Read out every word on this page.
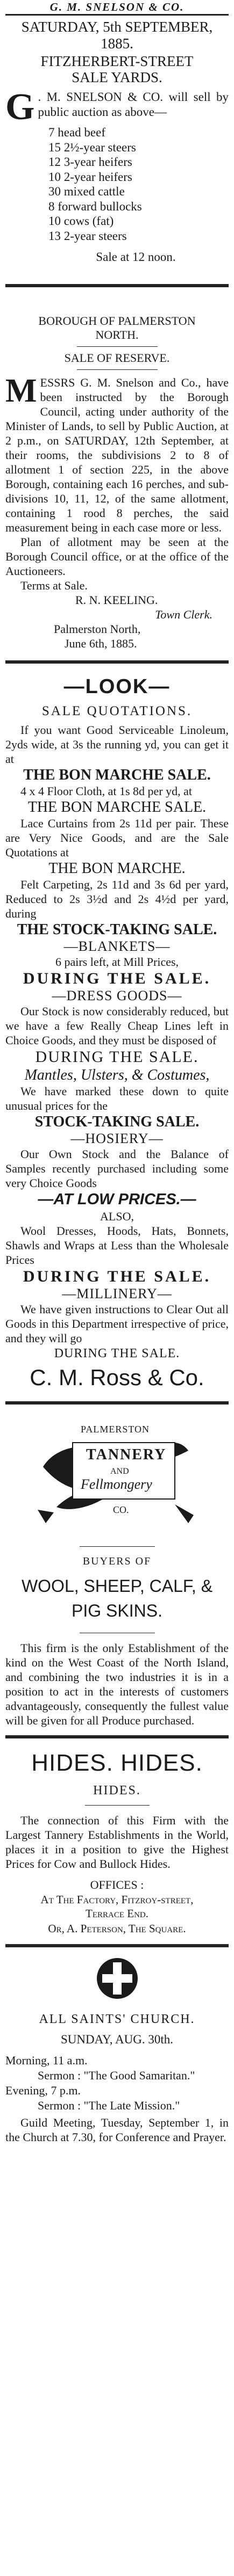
G. M. SNELSON & CO.
SATURDAY, 5th SEPTEMBER, 1885.
FITZHERBERT-STREET SALE YARDS.
G . M. SNELSON & CO. will sell by public auction as above—
7 head beef
15 2½-year steers
12 3-year heifers
10 2-year heifers
30 mixed cattle
8 forward bullocks
10 cows (fat)
13 2-year steers
Sale at 12 noon.
BOROUGH OF PALMERSTON NORTH.
SALE OF RESERVE.
M ESSRS G. M. Snelson and Co., have been instructed by the Borough Council, acting under authority of the Minister of Lands, to sell by Public Auction, at 2 p.m., on SATURDAY, 12th September, at their rooms, the subdivisions 2 to 8 of allotment 1 of section 225, in the above Borough, containing each 16 perches, and sub-divisions 10, 11, 12, of the same allotment, containing 1 rood 8 perches, the said measurement being in each case more or less.
Plan of allotment may be seen at the Borough Council office, or at the office of the Auctioneers.
Terms at Sale.
R. N. KEELING.
Town Clerk.
Palmerston North,
June 6th, 1885.
—LOOK—
SALE QUOTATIONS.
If you want Good Serviceable Linoleum, 2yds wide, at 3s the running yd, you can get it at
THE BON MARCHE SALE.
4 x 4 Floor Cloth, at 1s 8d per yd, at
THE BON MARCHE SALE.
Lace Curtains from 2s 11d per pair. These are Very Nice Goods, and are the Sale Quotations at
THE BON MARCHE.
Felt Carpeting, 2s 11d and 3s 6d per yard, Reduced to 2s 3½d and 2s 4½d per yard, during
THE STOCK-TAKING SALE.
—BLANKETS—
6 pairs left, at Mill Prices,
DURING THE SALE.
—DRESS GOODS—
Our Stock is now considerably reduced, but we have a few Really Cheap Lines left in Choice Goods, and they must be disposed of
DURING THE SALE.
Mantles, Ulsters, & Costumes,
We have marked these down to quite unusual prices for the
STOCK-TAKING SALE.
—HOSIERY—
Our Own Stock and the Balance of Samples recently purchased including some very Choice Goods
—AT LOW PRICES.—
ALSO,
Wool Dresses, Hoods, Hats, Bonnets, Shawls and Wraps at Less than the Wholesale Prices
DURING THE SALE.
—MILLINERY—
We have given instructions to Clear Out all Goods in this Department irrespective of price, and they will go
DURING THE SALE.
C. M. Ross & Co.
PALMERSTON
TANNERY
AND
Fellmongery
CO.
BUYERS OF
WOOL, SHEEP, CALF, &
PIG SKINS.
This firm is the only Establishment of the kind on the West Coast of the North Island, and combining the two industries it is in a position to act in the interests of customers advantageously, consequently the fullest value will be given for all Produce purchased.
HIDES. HIDES.
HIDES.
The connection of this Firm with the Largest Tannery Establishments in the World, places it in a position to give the Highest Prices for Cow and Bullock Hides.
OFFICES :
At The Factory, Fitzroy-street, Terrace End.
Or, A. Peterson, The Square.
ALL SAINTS' CHURCH.
SUNDAY, AUG. 30th.
Morning, 11 a.m.
Sermon : "The Good Samaritan."
Evening, 7 p.m.
Sermon : "The Late Mission."
Guild Meeting, Tuesday, September 1, in the Church at 7.30, for Conference and Prayer.
